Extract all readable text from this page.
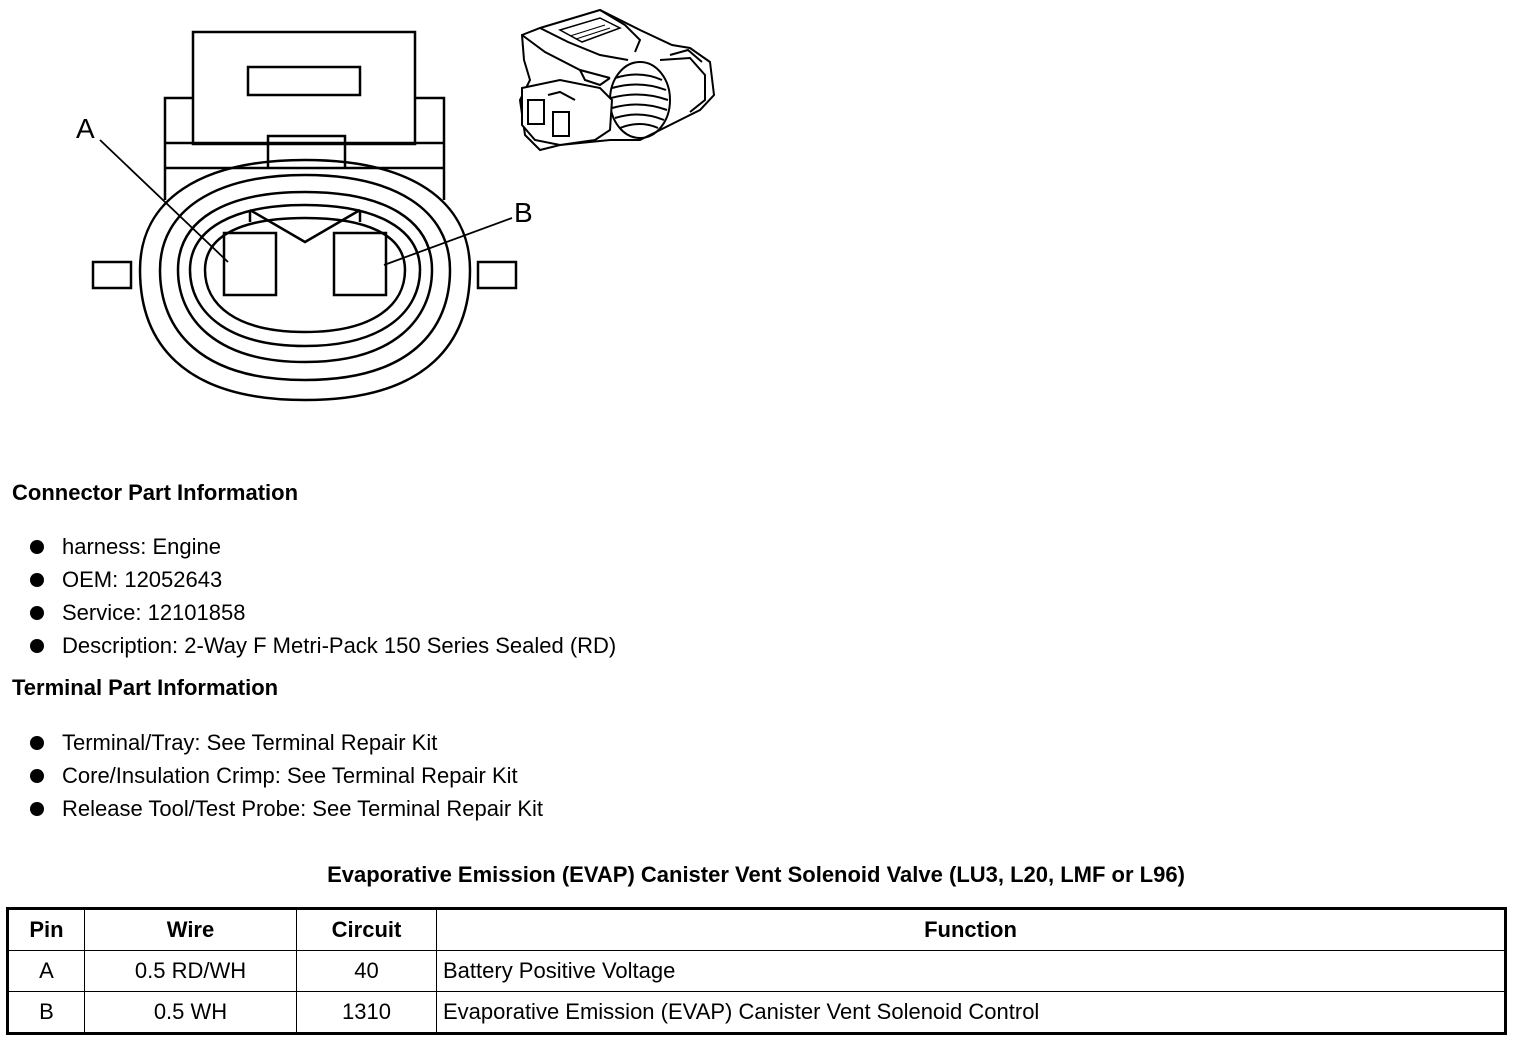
A
B
Connector Part Information
harness: Engine
OEM: 12052643
Service: 12101858
Description: 2-Way F Metri-Pack 150 Series Sealed (RD)
Terminal Part Information
Terminal/Tray: See Terminal Repair Kit
Core/Insulation Crimp: See Terminal Repair Kit
Release Tool/Test Probe: See Terminal Repair Kit
Evaporative Emission (EVAP) Canister Vent Solenoid Valve (LU3, L20, LMF or L96)
Pin	Wire	Circuit	Function
A	0.5 RD/WH	40	Battery Positive Voltage
B	0.5 WH	1310	Evaporative Emission (EVAP) Canister Vent Solenoid Control
